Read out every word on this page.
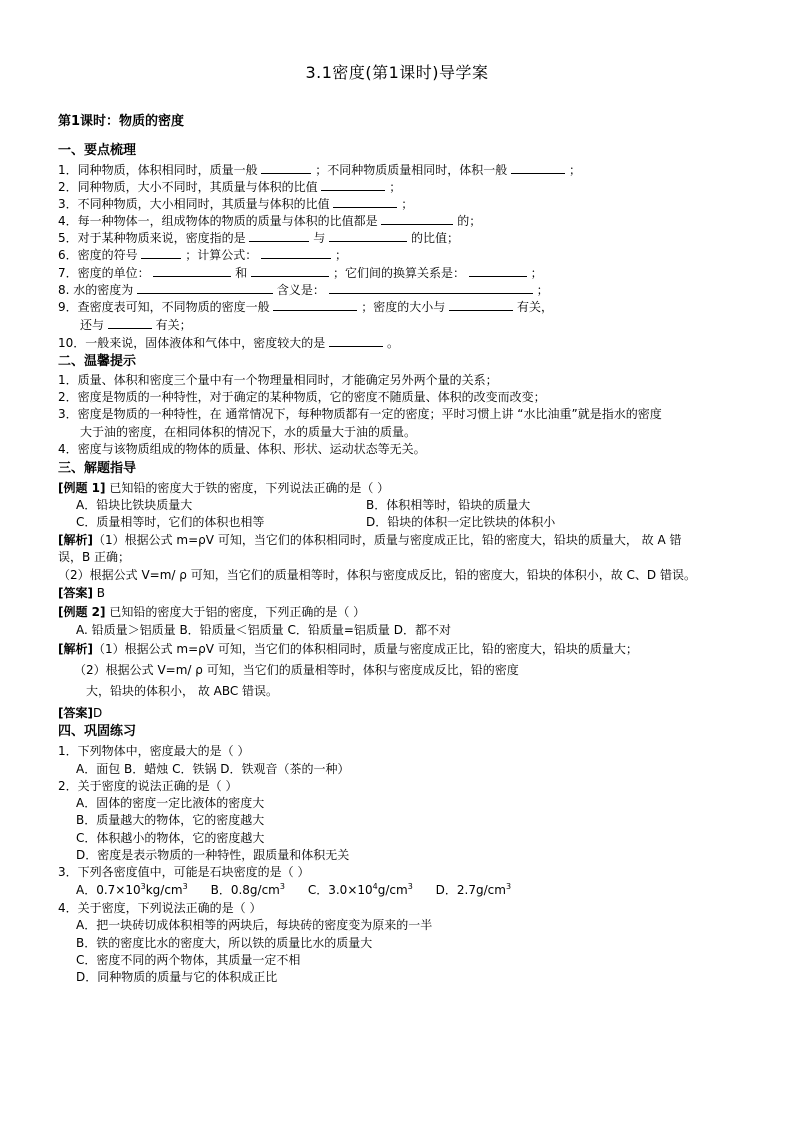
3.1密度(第1课时)导学案
第1课时：物质的密度
一、要点梳理
1．同种物质，体积相同时，质量一般	；不同种物质质量相同时，体积一般	；
2．同种物质，大小不同时，其质量与体积的比值	；
3．不同种物质，大小相同时，其质量与体积的比值	；
4．每一种物体一，组成物体的物质的质量与体积的比值都是	的；
5．对于某种物质来说，密度指的是	与	的比值；
6．密度的符号	；计算公式：	；
7．密度的单位：	和	；它们间的换算关系是：	；
8. 水的密度为	含义是：	；
9．查密度表可知，不同物质的密度一般	；密度的大小与	有关，
还与	有关；
10．一般来说，固体液体和气体中，密度较大的是	。
二、温馨提示
1．质量、体积和密度三个量中有一个物理量相同时，才能确定另外两个量的关系；
2．密度是物质的一种特性，对于确定的某种物质，它的密度不随质量、体积的改变而改变；
3．密度是物质的一种特性，在 通常情况下，每种物质都有一定的密度；平时习惯上讲 “水比油重”就是指水的密度
大于油的密度，在相同体积的情况下，水的质量大于油的质量。
4．密度与该物质组成的物体的质量、体积、形状、运动状态等无关。
三、解题指导
[例题 1] 已知铅的密度大于铁的密度，下列说法正确的是（ ）
A．铅块比铁块质量大	B．体积相等时，铅块的质量大
C．质量相等时，它们的体积也相等	D．铅块的体积一定比铁块的体积小
[解析]（1）根据公式 m=ρV 可知，当它们的体积相同时，质量与密度成正比，铅的密度大，铅块的质量大， 故 A 错
误，B 正确；
（2）根据公式 V=m/ ρ 可知，当它们的质量相等时，体积与密度成反比，铅的密度大，铅块的体积小，故 C、D 错误。
[答案] B
[例题 2] 已知铅的密度大于铝的密度，下列正确的是（ ）
A. 铅质量＞铝质量 B．铅质量＜铝质量 C．铅质量=铝质量 D．都不对
[解析]（1）根据公式 m=ρV 可知，当它们的体积相同时，质量与密度成正比，铅的密度大，铅块的质量大；
（2）根据公式 V=m/ ρ 可知，当它们的质量相等时，体积与密度成反比，铅的密度
大，铅块的体积小， 故 ABC 错误。
[答案]D
四、巩固练习
1．下列物体中，密度最大的是（ ）
A．面包 B．蜡烛 C．铁锅 D．铁观音（茶的一种）
2．关于密度的说法正确的是（ ）
A．固体的密度一定比液体的密度大
B．质量越大的物体，它的密度越大
C．体积越小的物体，它的密度越大
D．密度是表示物质的一种特性，跟质量和体积无关
3．下列各密度值中，可能是石块密度的是（ ）
A．$0.7\times 10^3kg/cm^3$      B．$0.8g/cm^3$      C．$3.0\times 10^4g/cm^3$      D．$2.7g/cm^3$
4．关于密度，下列说法正确的是（ ）
A．把一块砖切成体积相等的两块后，每块砖的密度变为原来的一半
B．铁的密度比水的密度大，所以铁的质量比水的质量大
C．密度不同的两个物体，其质量一定不相
D．同种物质的质量与它的体积成正比
